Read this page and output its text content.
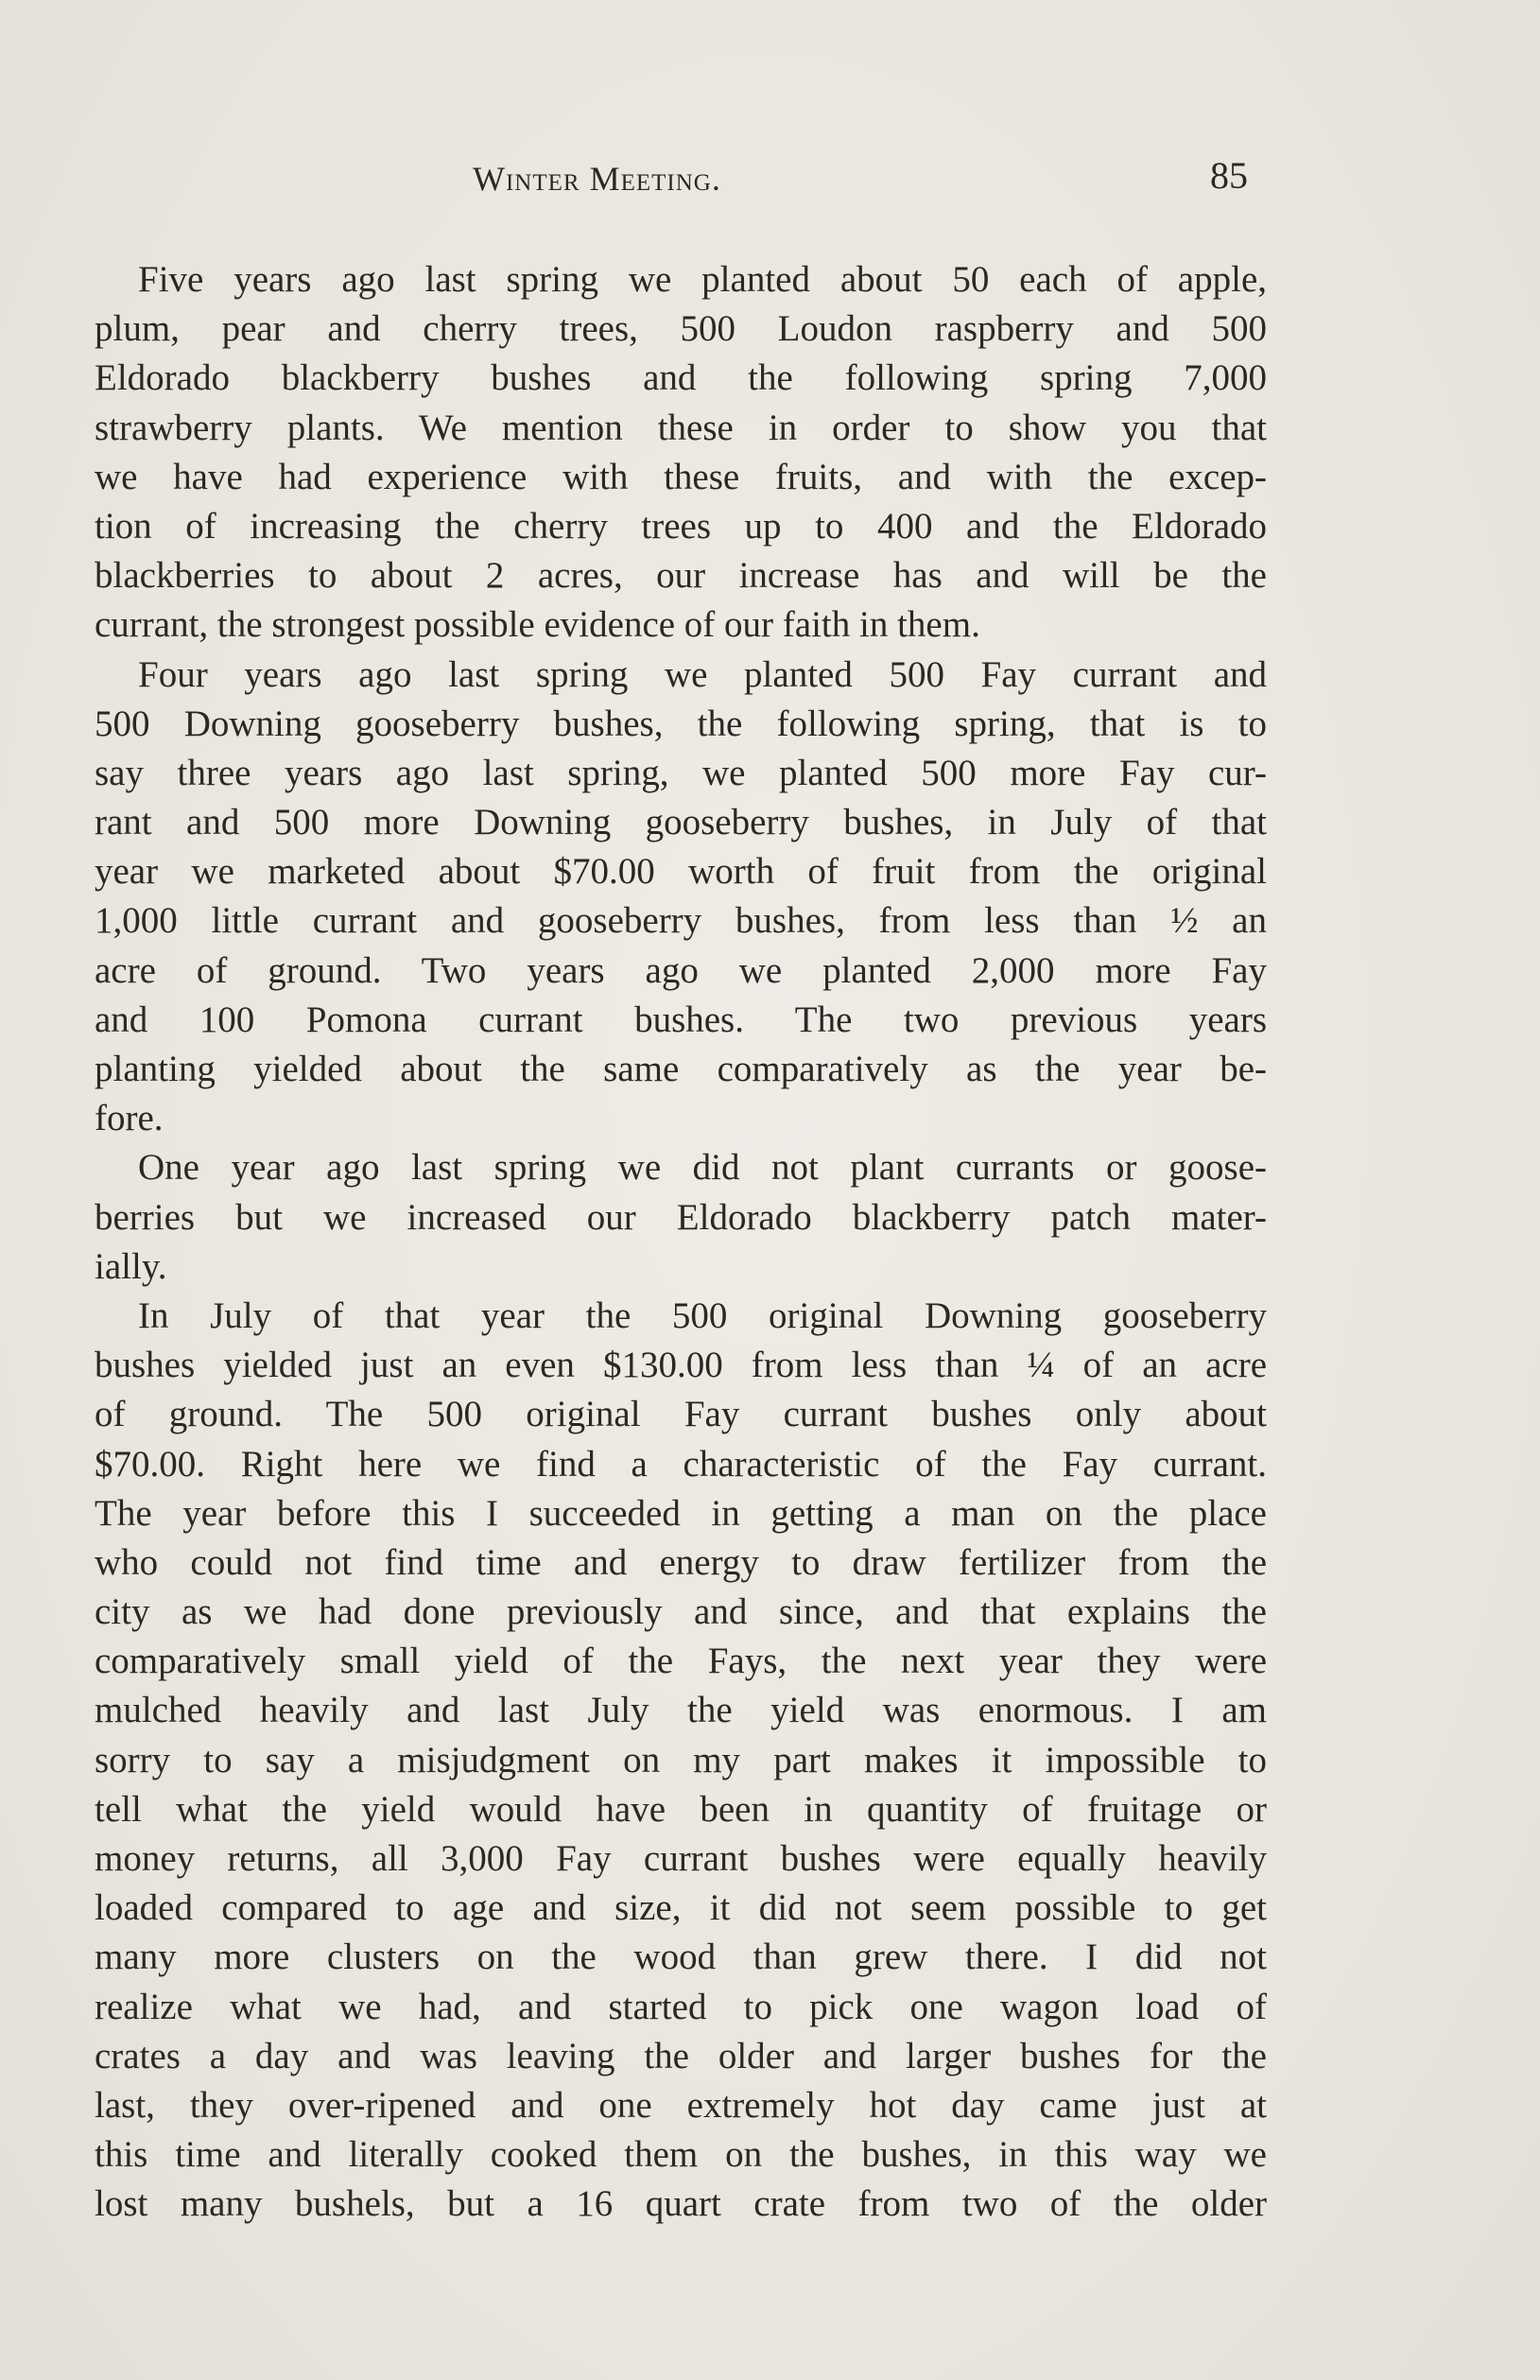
Winter Meeting.	85

Five years ago last spring we planted about 50 each of apple,
plum, pear and cherry trees, 500 Loudon raspberry and 500
Eldorado blackberry bushes and the following spring 7,000
strawberry plants. We mention these in order to show you that
we have had experience with these fruits, and with the excep-
tion of increasing the cherry trees up to 400 and the Eldorado
blackberries to about 2 acres, our increase has and will be the
currant, the strongest possible evidence of our faith in them.

Four years ago last spring we planted 500 Fay currant and
500 Downing gooseberry bushes, the following spring, that is to
say three years ago last spring, we planted 500 more Fay cur-
rant and 500 more Downing gooseberry bushes, in July of that
year we marketed about $70.00 worth of fruit from the original
1,000 little currant and gooseberry bushes, from less than ½ an
acre of ground. Two years ago we planted 2,000 more Fay
and 100 Pomona currant bushes. The two previous years
planting yielded about the same comparatively as the year be-
fore.

One year ago last spring we did not plant currants or goose-
berries but we increased our Eldorado blackberry patch mater-
ially.

In July of that year the 500 original Downing gooseberry
bushes yielded just an even $130.00 from less than ¼ of an acre
of ground. The 500 original Fay currant bushes only about
$70.00. Right here we find a characteristic of the Fay currant.
The year before this I succeeded in getting a man on the place
who could not find time and energy to draw fertilizer from the
city as we had done previously and since, and that explains the
comparatively small yield of the Fays, the next year they were
mulched heavily and last July the yield was enormous. I am
sorry to say a misjudgment on my part makes it impossible to
tell what the yield would have been in quantity of fruitage or
money returns, all 3,000 Fay currant bushes were equally heavily
loaded compared to age and size, it did not seem possible to get
many more clusters on the wood than grew there. I did not
realize what we had, and started to pick one wagon load of
crates a day and was leaving the older and larger bushes for the
last, they over-ripened and one extremely hot day came just at
this time and literally cooked them on the bushes, in this way we
lost many bushels, but a 16 quart crate from two of the older
